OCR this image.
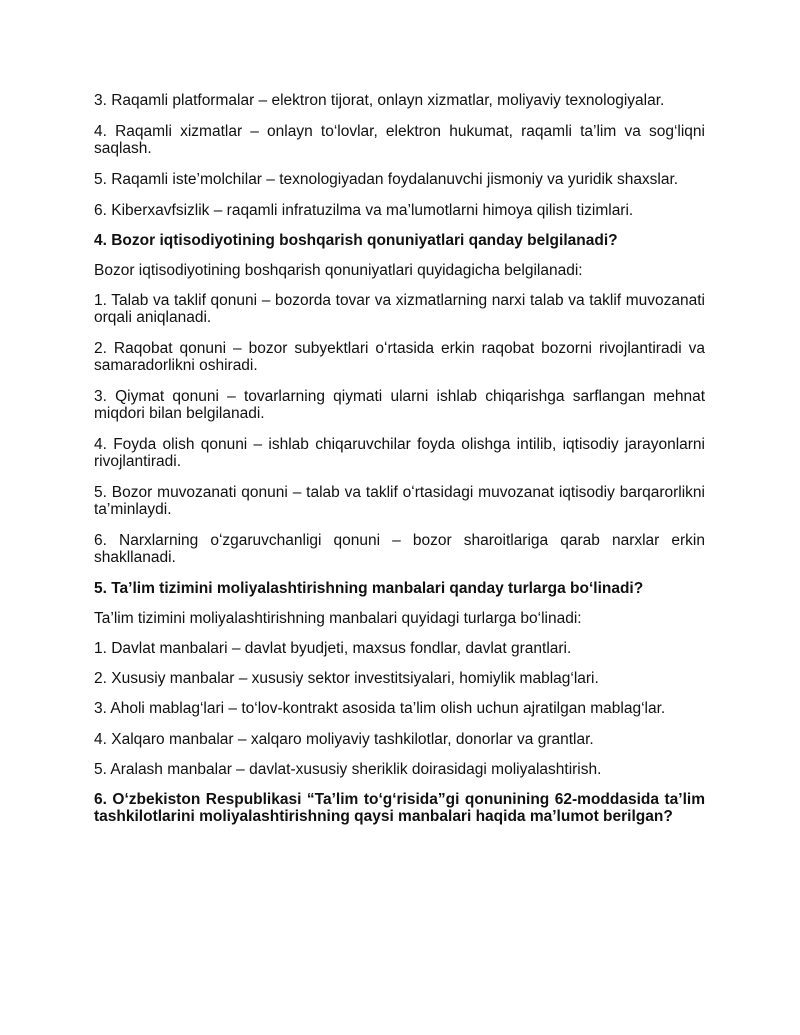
3. Raqamli platformalar – elektron tijorat, onlayn xizmatlar, moliyaviy texnologiyalar.

4. Raqamli xizmatlar – onlayn to‘lovlar, elektron hukumat, raqamli ta’lim va sog‘liqni saqlash.

5. Raqamli iste’molchilar – texnologiyadan foydalanuvchi jismoniy va yuridik shaxslar.

6. Kiberxavfsizlik – raqamli infratuzilma va ma’lumotlarni himoya qilish tizimlari.

4. Bozor iqtisodiyotining boshqarish qonuniyatlari qanday belgilanadi?

Bozor iqtisodiyotining boshqarish qonuniyatlari quyidagicha belgilanadi:

1. Talab va taklif qonuni – bozorda tovar va xizmatlarning narxi talab va taklif muvozanati orqali aniqlanadi.

2. Raqobat qonuni – bozor subyektlari oʻrtasida erkin raqobat bozorni rivojlantiradi va samaradorlikni oshiradi.

3. Qiymat qonuni – tovarlarning qiymati ularni ishlab chiqarishga sarflangan mehnat miqdori bilan belgilanadi.

4. Foyda olish qonuni – ishlab chiqaruvchilar foyda olishga intilib, iqtisodiy jarayonlarni rivojlantiradi.

5. Bozor muvozanati qonuni – talab va taklif oʻrtasidagi muvozanat iqtisodiy barqarorlikni ta’minlaydi.

6. Narxlarning oʻzgaruvchanligi qonuni – bozor sharoitlariga qarab narxlar erkin shakllanadi.

5. Ta’lim tizimini moliyalashtirishning manbalari qanday turlarga bo‘linadi?

Ta’lim tizimini moliyalashtirishning manbalari quyidagi turlarga bo‘linadi:

1. Davlat manbalari – davlat byudjeti, maxsus fondlar, davlat grantlari.

2. Xususiy manbalar – xususiy sektor investitsiyalari, homiylik mablag‘lari.

3. Aholi mablag‘lari – to‘lov-kontrakt asosida ta’lim olish uchun ajratilgan mablag‘lar.

4. Xalqaro manbalar – xalqaro moliyaviy tashkilotlar, donorlar va grantlar.

5. Aralash manbalar – davlat-xususiy sheriklik doirasidagi moliyalashtirish.

6. O‘zbekiston Respublikasi “Ta’lim to‘g‘risida”gi qonunining 62-moddasida ta’lim tashkilotlarini moliyalashtirishning qaysi manbalari haqida ma’lumot berilgan?
